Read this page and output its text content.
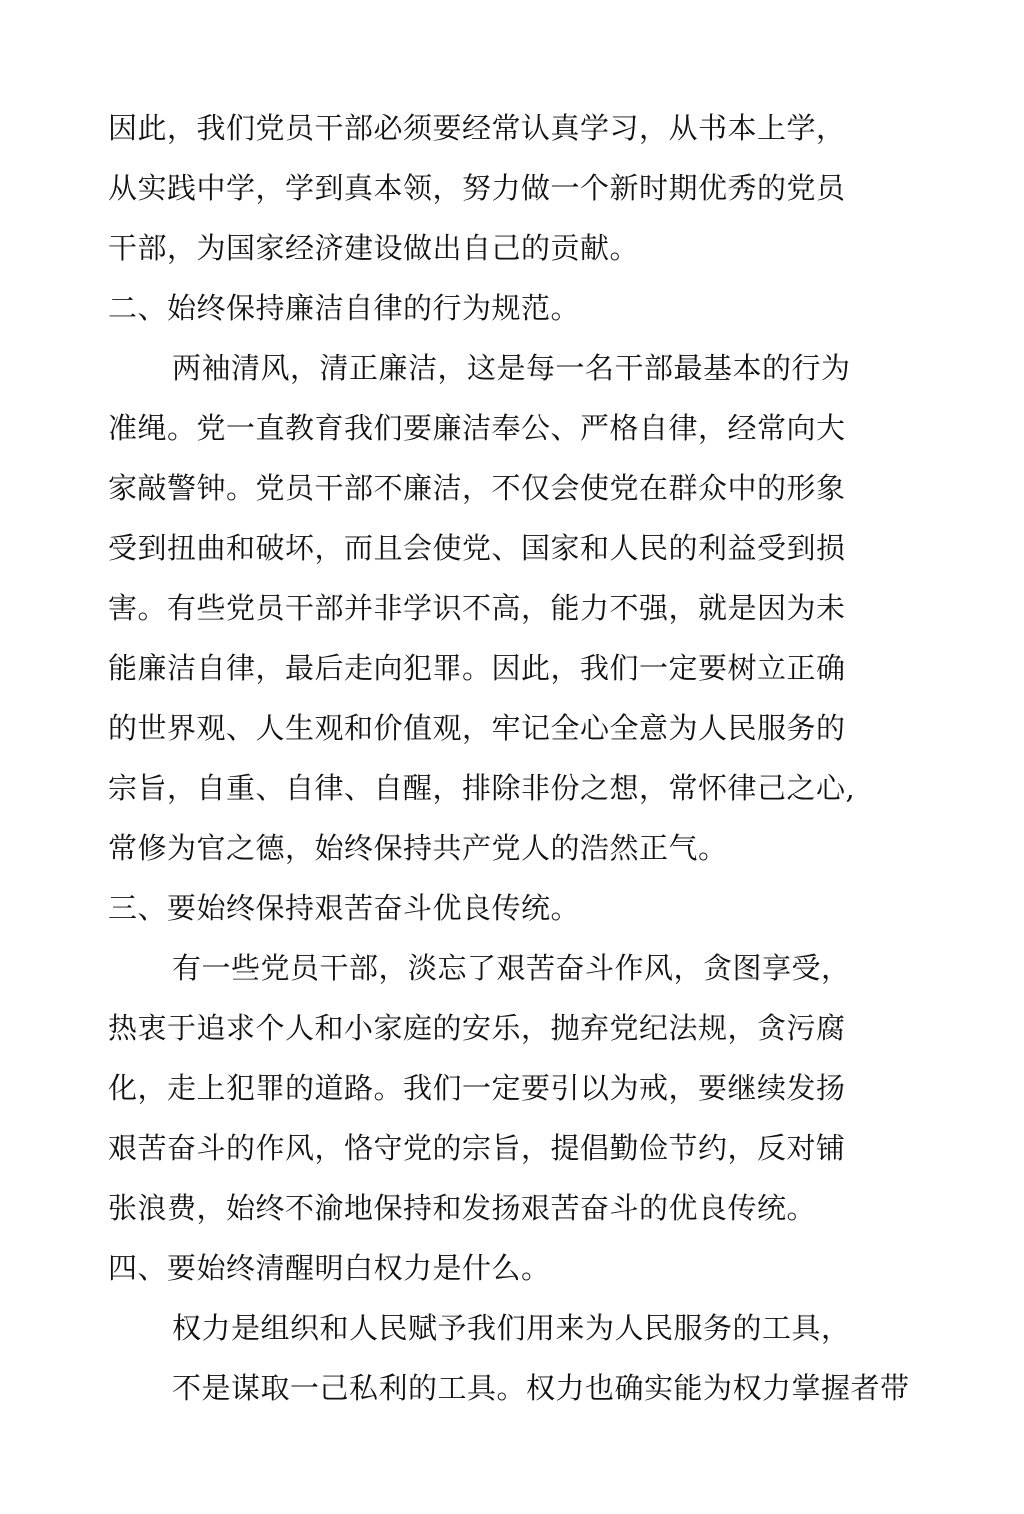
因此，我们党员干部必须要经常认真学习，从书本上学，
从实践中学，学到真本领，努力做一个新时期优秀的党员
干部，为国家经济建设做出自己的贡献。
二、始终保持廉洁自律的行为规范。
两袖清风，清正廉洁，这是每一名干部最基本的行为
准绳。党一直教育我们要廉洁奉公、严格自律，经常向大
家敲警钟。党员干部不廉洁，不仅会使党在群众中的形象
受到扭曲和破坏，而且会使党、国家和人民的利益受到损
害。有些党员干部并非学识不高，能力不强，就是因为未
能廉洁自律，最后走向犯罪。因此，我们一定要树立正确
的世界观、人生观和价值观，牢记全心全意为人民服务的
宗旨，自重、自律、自醒，排除非份之想，常怀律己之心,
常修为官之德，始终保持共产党人的浩然正气。
三、要始终保持艰苦奋斗优良传统。
有一些党员干部，淡忘了艰苦奋斗作风，贪图享受，
热衷于追求个人和小家庭的安乐，抛弃党纪法规，贪污腐
化，走上犯罪的道路。我们一定要引以为戒，要继续发扬
艰苦奋斗的作风，恪守党的宗旨，提倡勤俭节约，反对铺
张浪费，始终不渝地保持和发扬艰苦奋斗的优良传统。
四、要始终清醒明白权力是什么。
权力是组织和人民赋予我们用来为人民服务的工具，
不是谋取一己私利的工具。权力也确实能为权力掌握者带
